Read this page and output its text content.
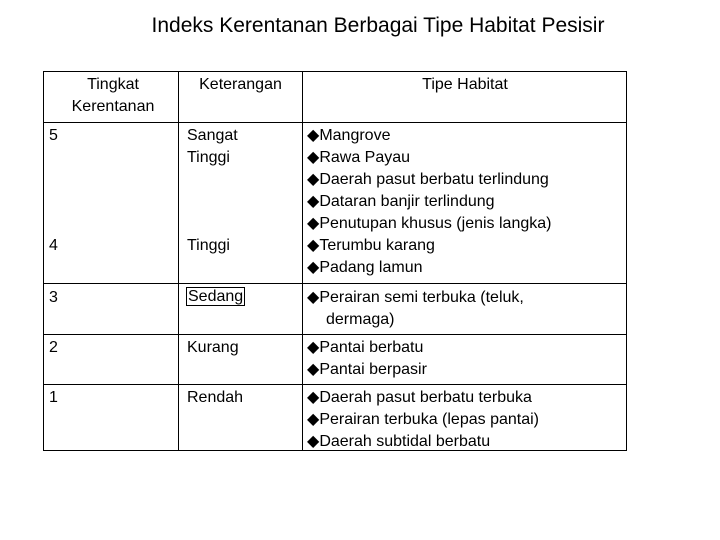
Indeks Kerentanan Berbagai Tipe Habitat Pesisir
Tingkat
Kerentanan
Keterangan	Tipe Habitat
5
4
3
2
1
Sangat
Tinggi
Tinggi
Sedang
Kurang
Rendah
◆Mangrove
◆Rawa Payau
◆Daerah pasut berbatu terlindung
◆Dataran banjir terlindung
◆Penutupan khusus (jenis langka)
◆Terumbu karang
◆Padang lamun
◆Perairan semi terbuka (teluk,
dermaga)
◆Pantai berbatu
◆Pantai berpasir
◆Daerah pasut berbatu terbuka
◆Perairan terbuka (lepas pantai)
◆Daerah subtidal berbatu
